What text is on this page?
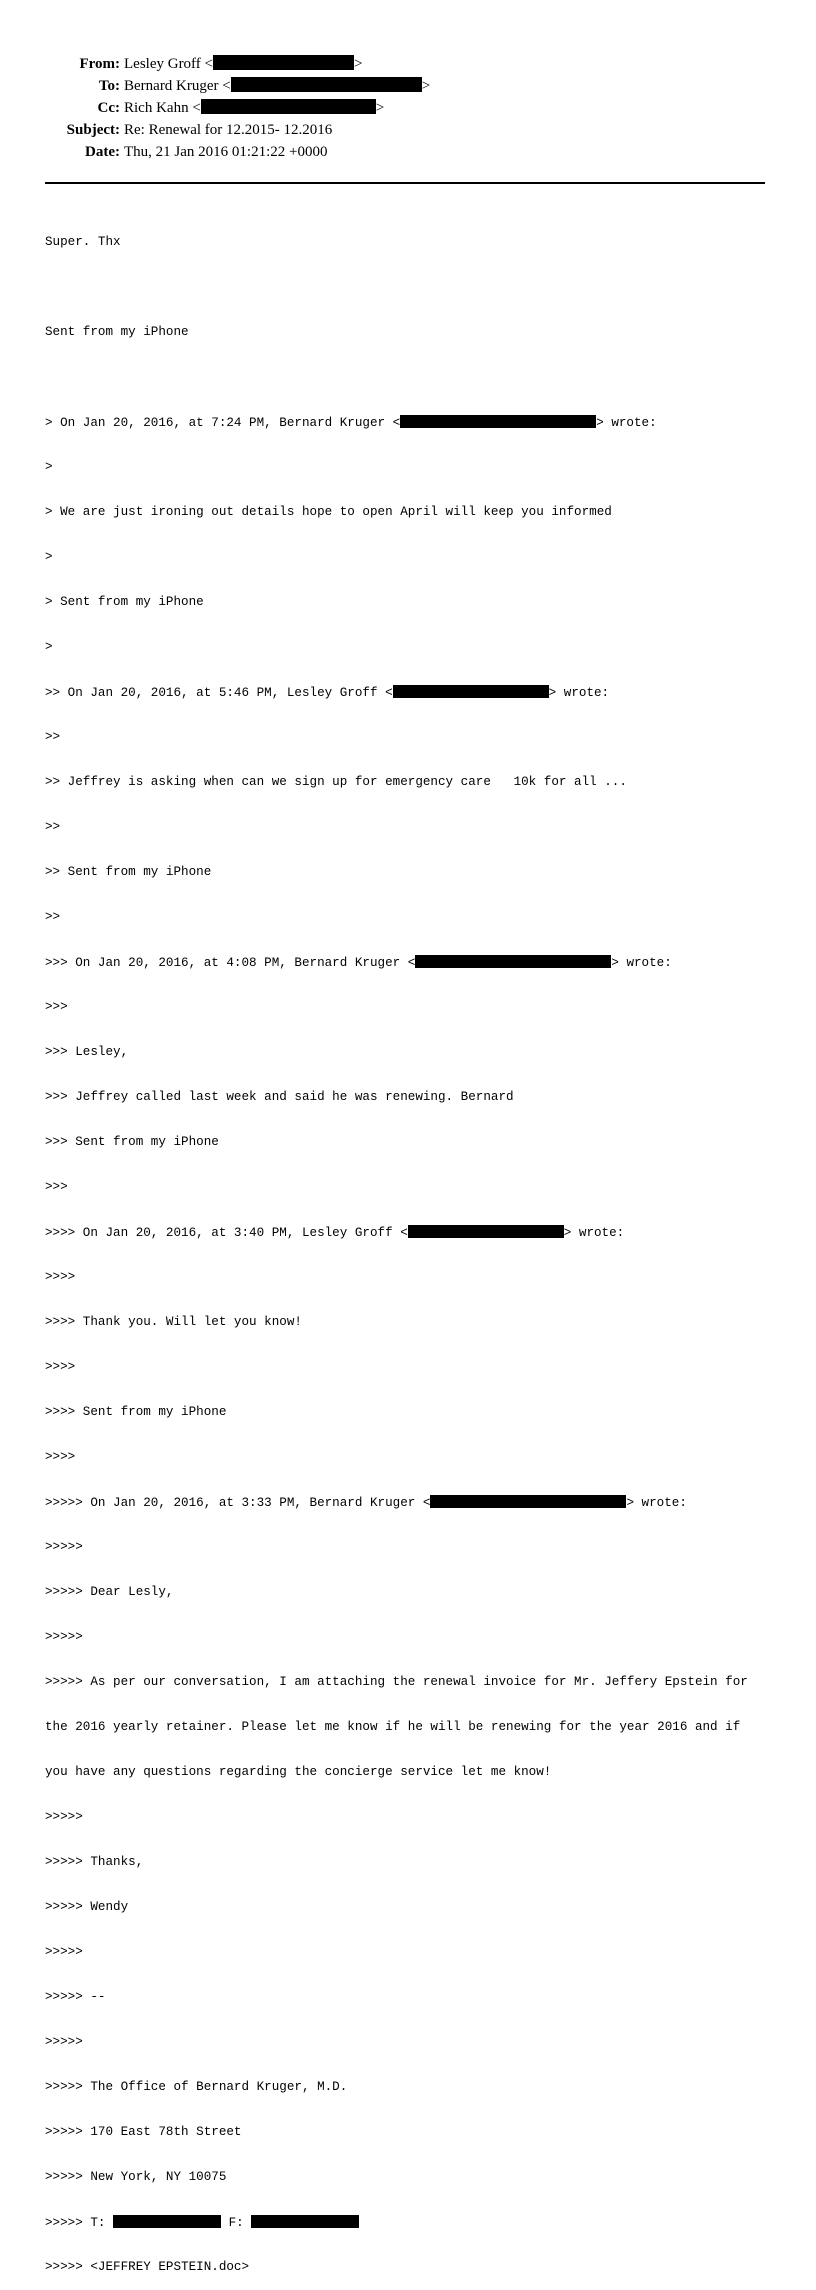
From: Lesley Groff <	>
To: Bernard Kruger <	>
Cc: Rich Kahn <	>
Subject: Re: Renewal for 12.2015- 12.2016
Date: Thu, 21 Jan 2016 01:21:22 +0000

Super. Thx

Sent from my iPhone

> On Jan 20, 2016, at 7:24 PM, Bernard Kruger <	> wrote:

>

> We are just ironing out details hope to open April will keep you informed

>

> Sent from my iPhone

>

>> On Jan 20, 2016, at 5:46 PM, Lesley Groff <	> wrote:

>>

>> Jeffrey is asking when can we sign up for emergency care   10k for all ...

>>

>> Sent from my iPhone

>>

>>> On Jan 20, 2016, at 4:08 PM, Bernard Kruger <	> wrote:

>>>

>>> Lesley,

>>> Jeffrey called last week and said he was renewing. Bernard

>>> Sent from my iPhone

>>>

>>>> On Jan 20, 2016, at 3:40 PM, Lesley Groff <	> wrote:

>>>>

>>>> Thank you. Will let you know!

>>>>

>>>> Sent from my iPhone

>>>>

>>>>> On Jan 20, 2016, at 3:33 PM, Bernard Kruger <	> wrote:

>>>>>

>>>>> Dear Lesly,

>>>>>

>>>>> As per our conversation, I am attaching the renewal invoice for Mr. Jeffery Epstein for

the 2016 yearly retainer. Please let me know if he will be renewing for the year 2016 and if

you have any questions regarding the concierge service let me know!

>>>>>

>>>>> Thanks,

>>>>> Wendy

>>>>>

>>>>> --

>>>>>

>>>>> The Office of Bernard Kruger, M.D.

>>>>> 170 East 78th Street

>>>>> New York, NY 10075

>>>>> T:	F:

>>>>> <JEFFREY EPSTEIN.doc>
